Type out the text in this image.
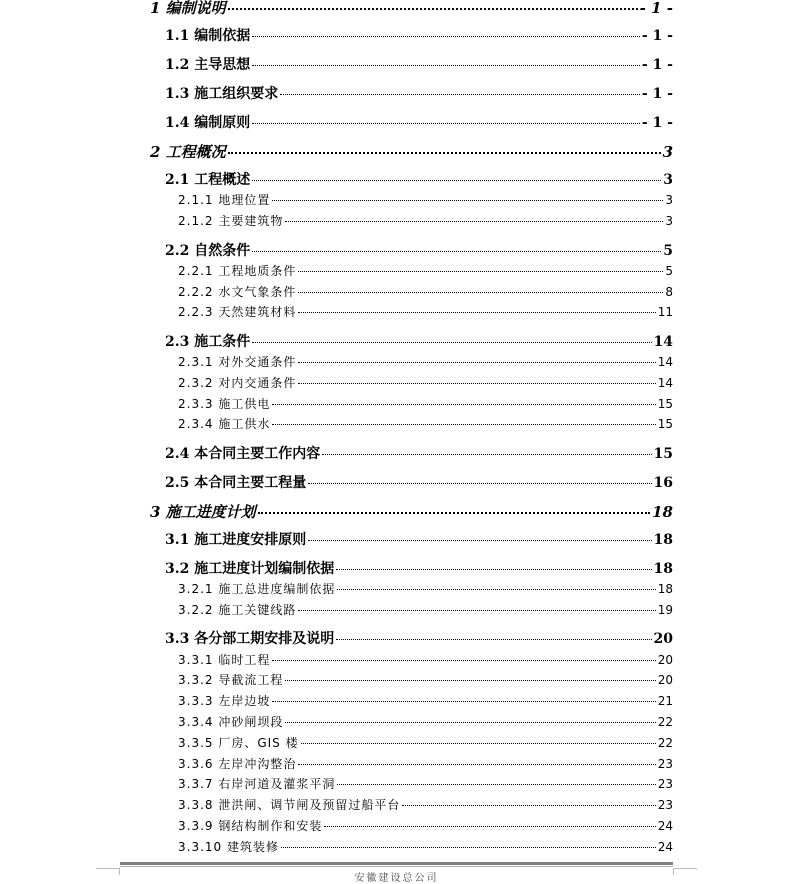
1 编制说明	- 1 -
1.1 编制依据	- 1 -
1.2 主导思想	- 1 -
1.3 施工组织要求	- 1 -
1.4 编制原则	- 1 -
2 工程概况	3
2.1 工程概述	3
2.1.1 地理位置	3
2.1.2 主要建筑物	3
2.2 自然条件	5
2.2.1 工程地质条件	5
2.2.2 水文气象条件	8
2.2.3 天然建筑材料	11
2.3 施工条件	14
2.3.1 对外交通条件	14
2.3.2 对内交通条件	14
2.3.3 施工供电	15
2.3.4 施工供水	15
2.4 本合同主要工作内容	15
2.5 本合同主要工程量	16
3 施工进度计划	18
3.1 施工进度安排原则	18
3.2 施工进度计划编制依据	18
3.2.1 施工总进度编制依据	18
3.2.2 施工关键线路	19
3.3 各分部工期安排及说明	20
3.3.1 临时工程	20
3.3.2 导截流工程	20
3.3.3 左岸边坡	21
3.3.4 冲砂闸坝段	22
3.3.5 厂房、GIS 楼	22
3.3.6 左岸冲沟整治	23
3.3.7 右岸河道及灌浆平洞	23
3.3.8 泄洪闸、调节闸及预留过船平台	23
3.3.9 钢结构制作和安装	24
3.3.10 建筑装修	24
安徽建设总公司
